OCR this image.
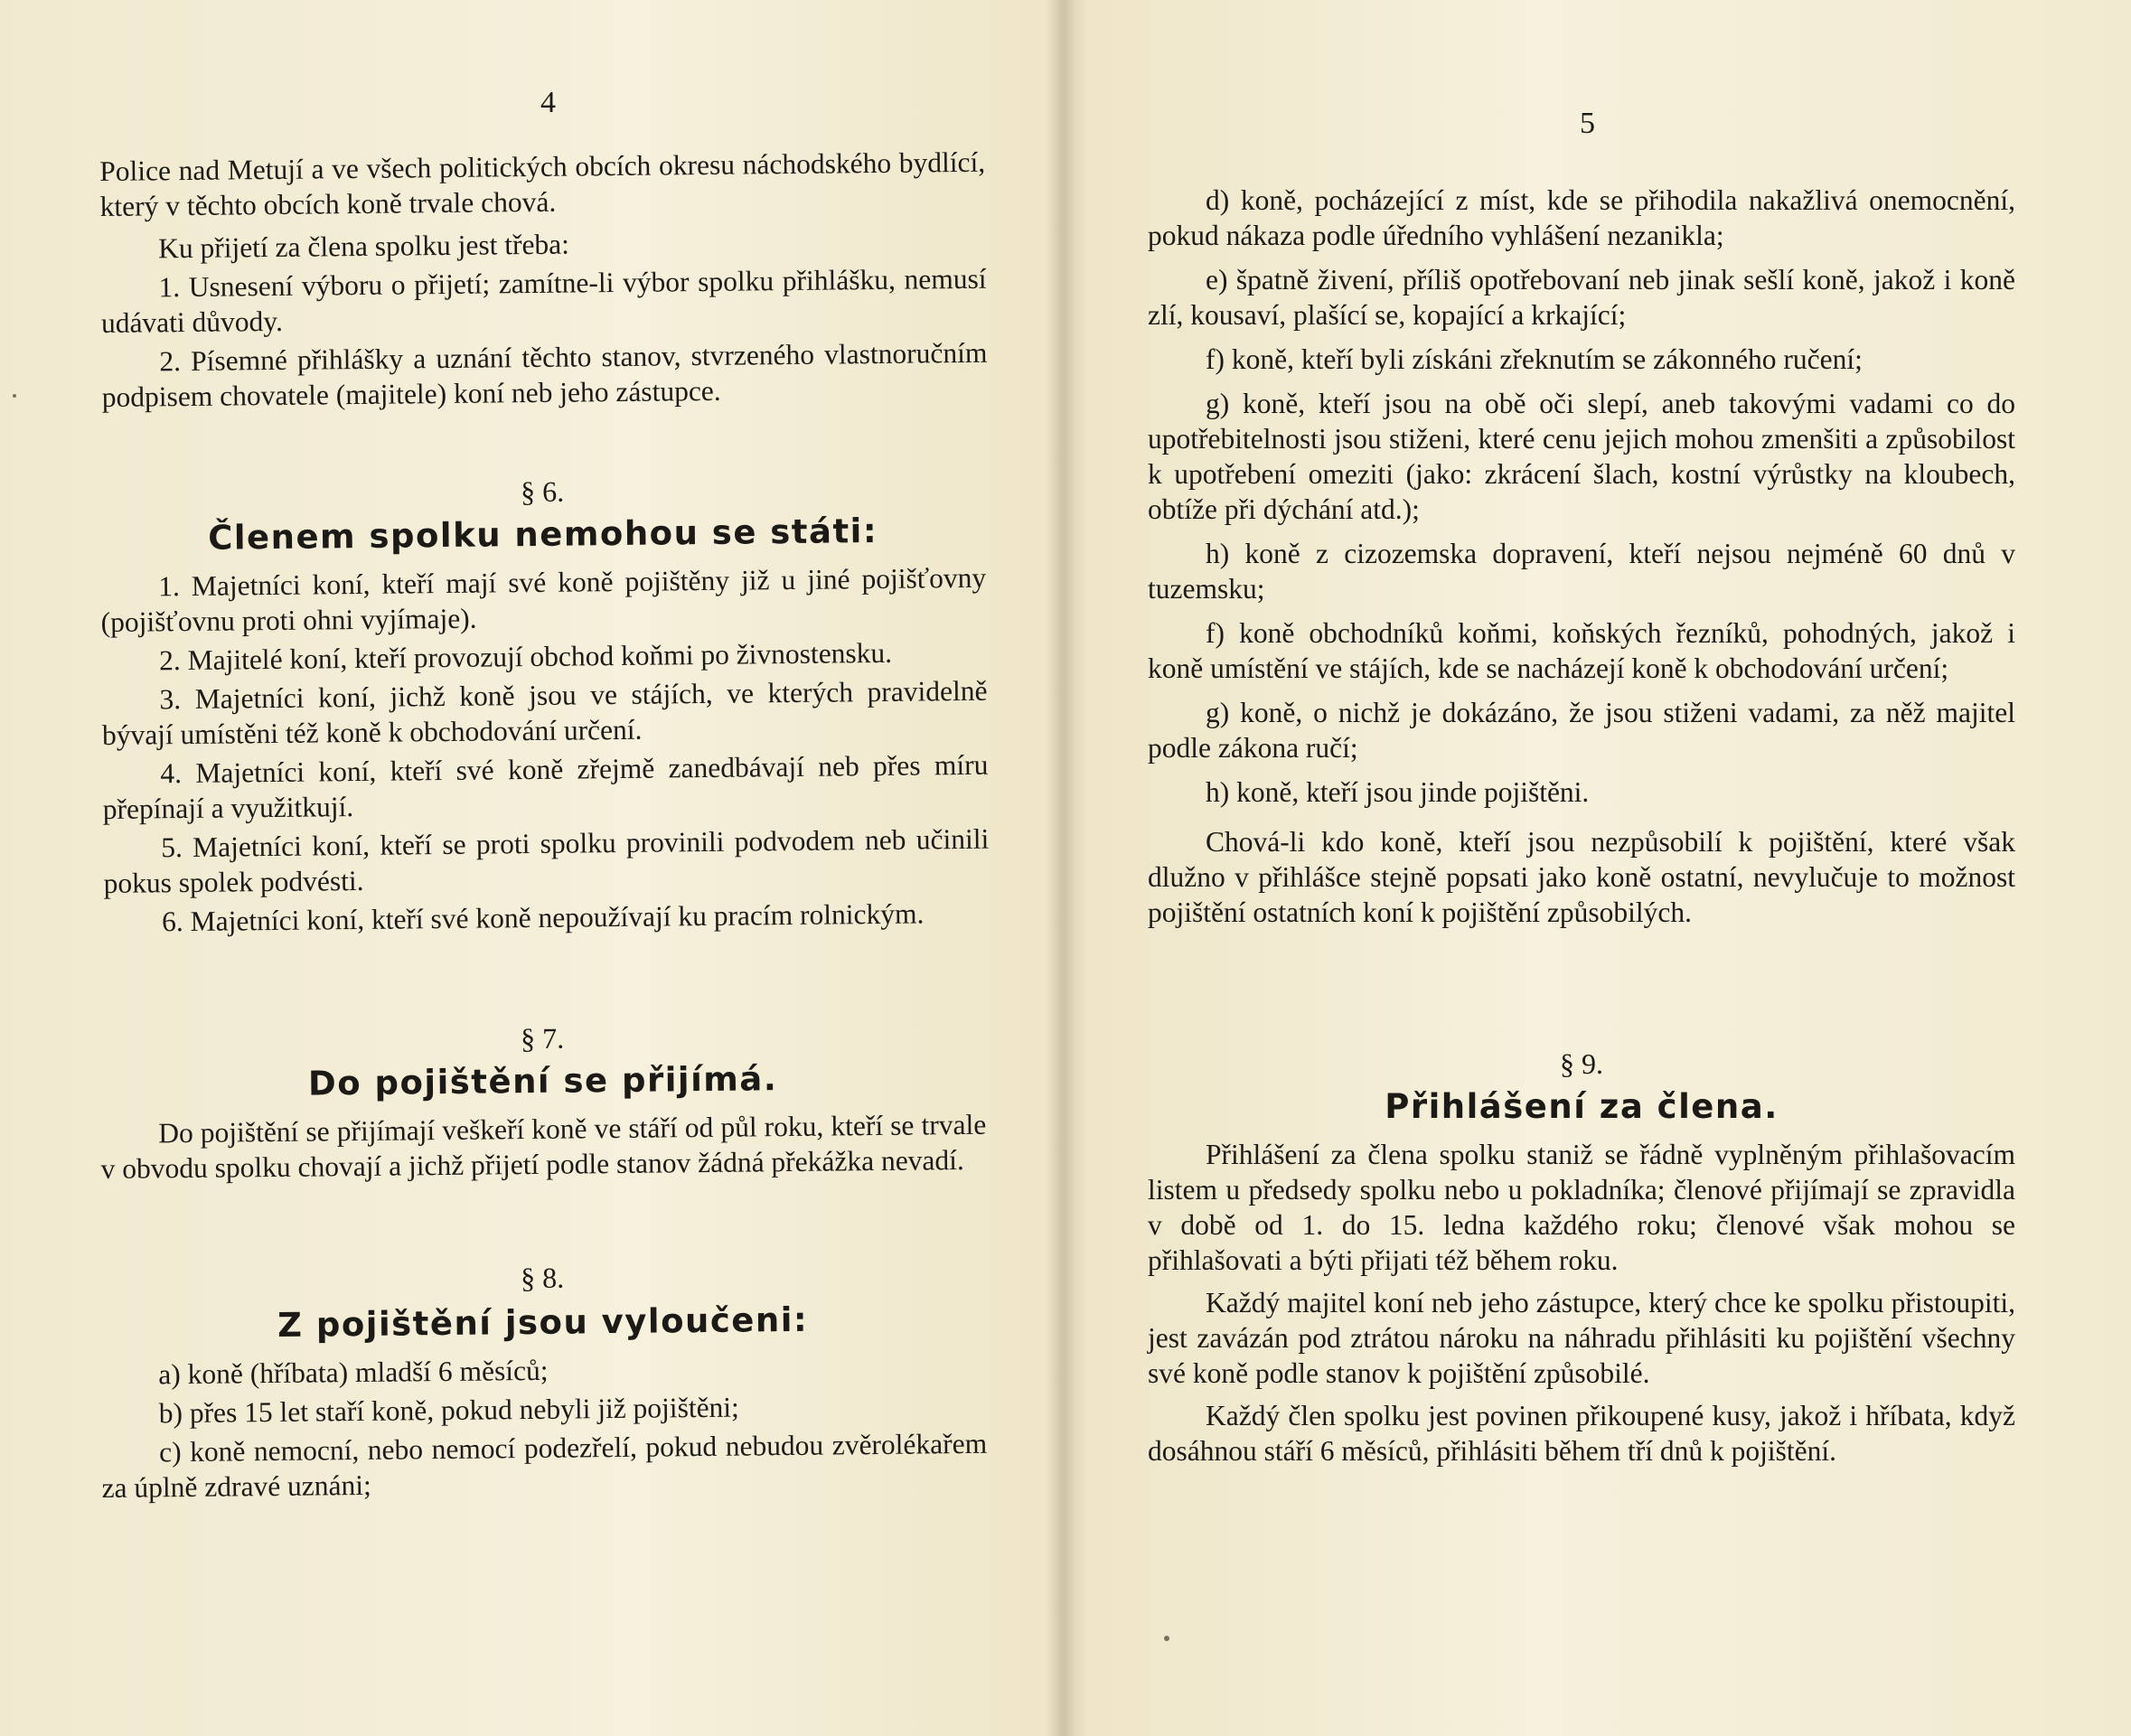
4

Police nad Metují a ve všech politických obcích okresu náchodského bydlící, který v těchto obcích koně trvale chová.

Ku přijetí za člena spolku jest třeba:

1. Usnesení výboru o přijetí; zamítne-li výbor spolku přihlášku, nemusí udávati důvody.

2. Písemné přihlášky a uznání těchto stanov, stvrzeného vlastnoručním podpisem chovatele (majitele) koní neb jeho zástupce.

§ 6.

Členem spolku nemohou se státi:

1. Majetníci koní, kteří mají své koně pojištěny již u jiné pojišťovny (pojišťovnu proti ohni vyjímaje).

2. Majitelé koní, kteří provozují obchod koňmi po živnostensku.

3. Majetníci koní, jichž koně jsou ve stájích, ve kterých pravidelně bývají umístěni též koně k obchodování určení.

4. Majetníci koní, kteří své koně zřejmě zanedbávají neb přes míru přepínají a využitkují.

5. Majetníci koní, kteří se proti spolku provinili podvodem neb učinili pokus spolek podvésti.

6. Majetníci koní, kteří své koně nepoužívají ku pracím rolnickým.

§ 7.

Do pojištění se přijímá.

Do pojištění se přijímají veškeří koně ve stáří od půl roku, kteří se trvale v obvodu spolku chovají a jichž přijetí podle stanov žádná překážka nevadí.

§ 8.

Z pojištění jsou vyloučeni:

a) koně (hříbata) mladší 6 měsíců;

b) přes 15 let staří koně, pokud nebyli již pojištěni;

c) koně nemocní, nebo nemocí podezřelí, pokud nebudou zvěrolékařem za úplně zdravé uznáni;

5

d) koně, pocházející z míst, kde se přihodila nakažlivá onemocnění, pokud nákaza podle úředního vyhlášení nezanikla;

e) špatně živení, příliš opotřebovaní neb jinak sešlí koně, jakož i koně zlí, kousaví, plašící se, kopající a krkající;

f) koně, kteří byli získáni zřeknutím se zákonného ručení;

g) koně, kteří jsou na obě oči slepí, aneb takovými vadami co do upotřebitelnosti jsou stiženi, které cenu jejich mohou zmenšiti a způsobilost k upotřebení omeziti (jako: zkrácení šlach, kostní výrůstky na kloubech, obtíže při dýchání atd.);

h) koně z cizozemska dopravení, kteří nejsou nejméně 60 dnů v tuzemsku;

f) koně obchodníků koňmi, koňských řezníků, pohodných, jakož i koně umístění ve stájích, kde se nacházejí koně k obchodování určení;

g) koně, o nichž je dokázáno, že jsou stiženi vadami, za něž majitel podle zákona ručí;

h) koně, kteří jsou jinde pojištěni.

Chová-li kdo koně, kteří jsou nezpůsobilí k pojištění, které však dlužno v přihlášce stejně popsati jako koně ostatní, nevylučuje to možnost pojištění ostatních koní k pojištění způsobilých.

§ 9.

Přihlášení za člena.

Přihlášení za člena spolku staniž se řádně vyplněným přihlašovacím listem u předsedy spolku nebo u pokladníka; členové přijímají se zpravidla v době od 1. do 15. ledna každého roku; členové však mohou se přihlašovati a býti přijati též během roku.

Každý majitel koní neb jeho zástupce, který chce ke spolku přistoupiti, jest zavázán pod ztrátou nároku na náhradu přihlásiti ku pojištění všechny své koně podle stanov k pojištění způsobilé.

Každý člen spolku jest povinen přikoupené kusy, jakož i hříbata, když dosáhnou stáří 6 měsíců, přihlásiti během tří dnů k pojištění.
